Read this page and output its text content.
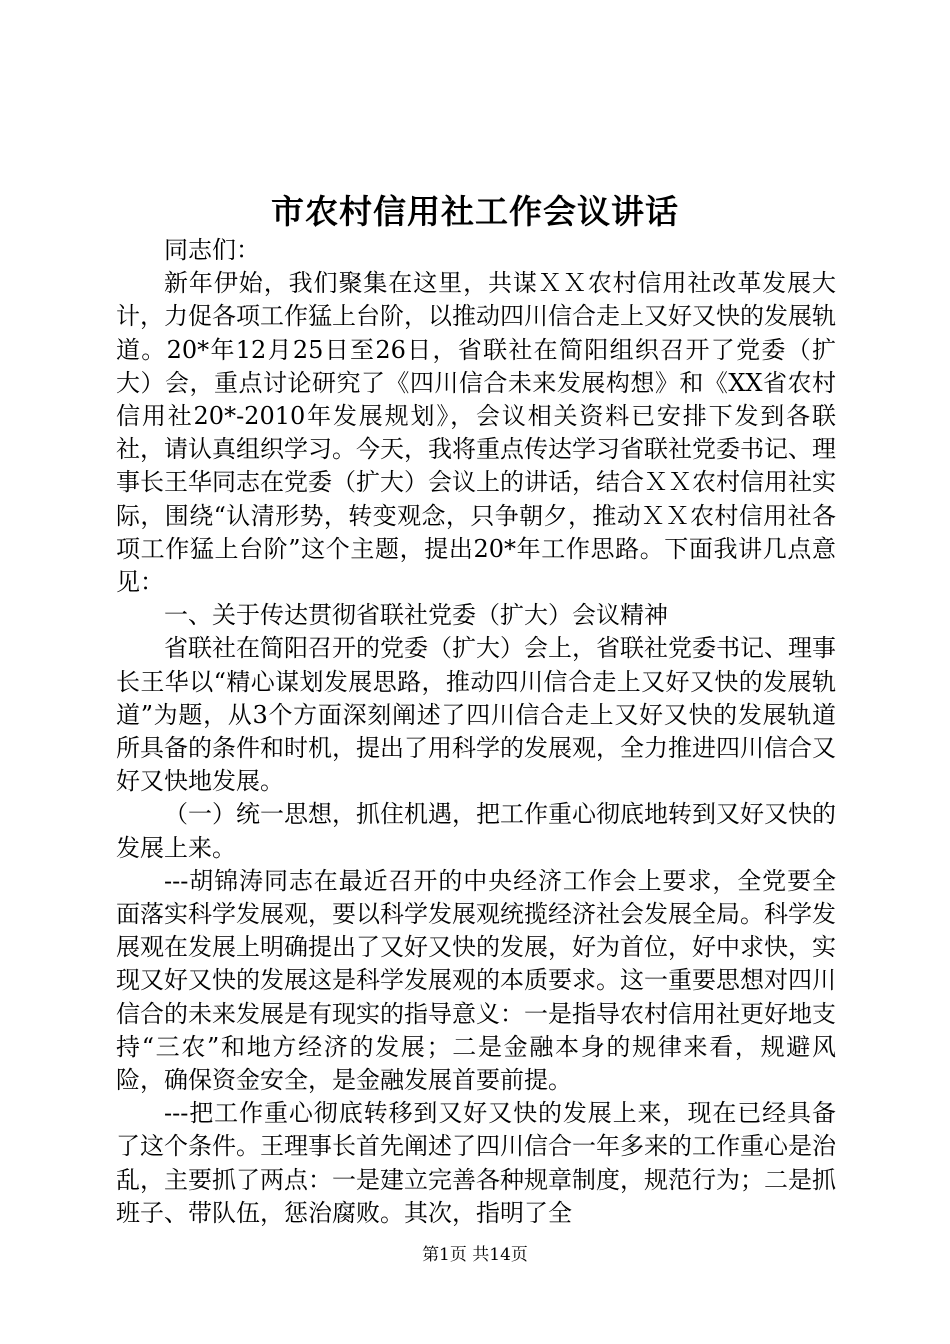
市农村信用社工作会议讲话

同志们：

新年伊始，我们聚集在这里，共谋ＸＸ农村信用社改革发展大计，力促各项工作猛上台阶，以推动四川信合走上又好又快的发展轨道。20*年12月25日至26日，省联社在简阳组织召开了党委（扩大）会，重点讨论研究了《四川信合未来发展构想》和《XX省农村信用社20*-2010年发展规划》，会议相关资料已安排下发到各联社，请认真组织学习。今天，我将重点传达学习省联社党委书记、理事长王华同志在党委（扩大）会议上的讲话，结合ＸＸ农村信用社实际，围绕“认清形势，转变观念，只争朝夕，推动ＸＸ农村信用社各项工作猛上台阶”这个主题，提出20*年工作思路。下面我讲几点意见：

一、关于传达贯彻省联社党委（扩大）会议精神

省联社在简阳召开的党委（扩大）会上，省联社党委书记、理事长王华以“精心谋划发展思路，推动四川信合走上又好又快的发展轨道”为题，从3个方面深刻阐述了四川信合走上又好又快的发展轨道所具备的条件和时机，提出了用科学的发展观，全力推进四川信合又好又快地发展。

（一）统一思想，抓住机遇，把工作重心彻底地转到又好又快的发展上来。

---胡锦涛同志在最近召开的中央经济工作会上要求，全党要全面落实科学发展观，要以科学发展观统揽经济社会发展全局。科学发展观在发展上明确提出了又好又快的发展，好为首位，好中求快，实现又好又快的发展这是科学发展观的本质要求。这一重要思想对四川信合的未来发展是有现实的指导意义：一是指导农村信用社更好地支持“三农”和地方经济的发展；二是金融本身的规律来看，规避风险，确保资金安全，是金融发展首要前提。

---把工作重心彻底转移到又好又快的发展上来，现在已经具备了这个条件。王理事长首先阐述了四川信合一年多来的工作重心是治乱，主要抓了两点：一是建立完善各种规章制度，规范行为；二是抓班子、带队伍，惩治腐败。其次，指明了全

第1页 共14页
